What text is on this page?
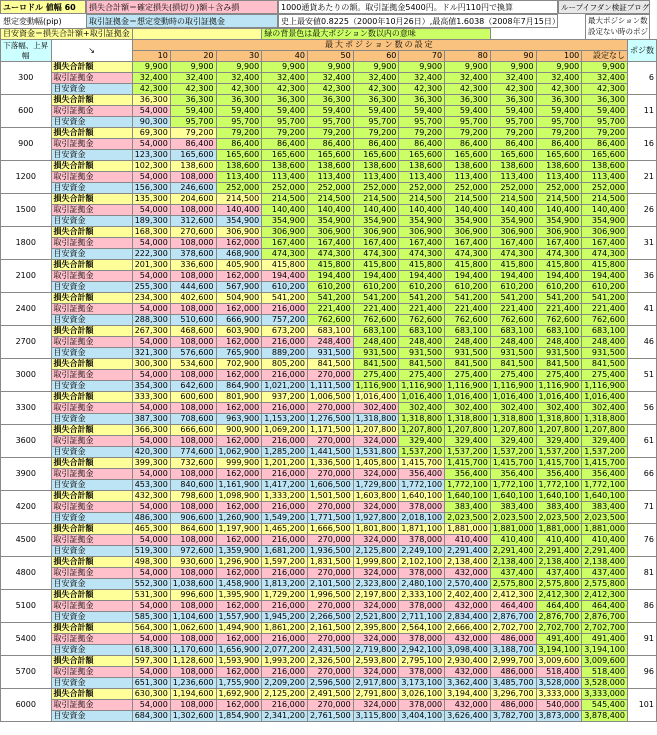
ユーロドル 値幅 60	損失合計額＝確定損失(損切り)額＋含み損	1000通貨あたりの額。取引証拠金5400円。ドル円110円で換算	ループイフダン検証ブログ
想定変動幅(pip)	取引証拠金＝想定変動時の取引証拠金	史上最安値0.8225（2000年10月26日）,最高値1.6038（2008年7月15日）	最大ポジション数設定ない時のポジ
目安資金＝損失合計額+取引証拠金					緑の背景色は最大ポジション数以内の意味								
下落幅、上昇幅	↘	最大ポジション数の設定											ポジ数
		10	20	30	40	50	60	70	80	90	100	設定なし	
300	損失合計額	9,900	9,900	9,900	9,900	9,900	9,900	9,900	9,900	9,900	9,900	9,900	6
	取引証拠金	32,400	32,400	32,400	32,400	32,400	32,400	32,400	32,400	32,400	32,400	32,400	
	目安資金	42,300	42,300	42,300	42,300	42,300	42,300	42,300	42,300	42,300	42,300	42,300	
600	損失合計額	36,300	36,300	36,300	36,300	36,300	36,300	36,300	36,300	36,300	36,300	36,300	11
	取引証拠金	54,000	59,400	59,400	59,400	59,400	59,400	59,400	59,400	59,400	59,400	59,400	
	目安資金	90,300	95,700	95,700	95,700	95,700	95,700	95,700	95,700	95,700	95,700	95,700	
900	損失合計額	69,300	79,200	79,200	79,200	79,200	79,200	79,200	79,200	79,200	79,200	79,200	16
	取引証拠金	54,000	86,400	86,400	86,400	86,400	86,400	86,400	86,400	86,400	86,400	86,400	
	目安資金	123,300	165,600	165,600	165,600	165,600	165,600	165,600	165,600	165,600	165,600	165,600	
1200	損失合計額	102,300	138,600	138,600	138,600	138,600	138,600	138,600	138,600	138,600	138,600	138,600	21
	取引証拠金	54,000	108,000	113,400	113,400	113,400	113,400	113,400	113,400	113,400	113,400	113,400	
	目安資金	156,300	246,600	252,000	252,000	252,000	252,000	252,000	252,000	252,000	252,000	252,000	
1500	損失合計額	135,300	204,600	214,500	214,500	214,500	214,500	214,500	214,500	214,500	214,500	214,500	26
	取引証拠金	54,000	108,000	140,400	140,400	140,400	140,400	140,400	140,400	140,400	140,400	140,400	
	目安資金	189,300	312,600	354,900	354,900	354,900	354,900	354,900	354,900	354,900	354,900	354,900	
1800	損失合計額	168,300	270,600	306,900	306,900	306,900	306,900	306,900	306,900	306,900	306,900	306,900	31
	取引証拠金	54,000	108,000	162,000	167,400	167,400	167,400	167,400	167,400	167,400	167,400	167,400	
	目安資金	222,300	378,600	468,900	474,300	474,300	474,300	474,300	474,300	474,300	474,300	474,300	
2100	損失合計額	201,300	336,600	405,900	415,800	415,800	415,800	415,800	415,800	415,800	415,800	415,800	36
	取引証拠金	54,000	108,000	162,000	194,400	194,400	194,400	194,400	194,400	194,400	194,400	194,400	
	目安資金	255,300	444,600	567,900	610,200	610,200	610,200	610,200	610,200	610,200	610,200	610,200	
2400	損失合計額	234,300	402,600	504,900	541,200	541,200	541,200	541,200	541,200	541,200	541,200	541,200	41
	取引証拠金	54,000	108,000	162,000	216,000	221,400	221,400	221,400	221,400	221,400	221,400	221,400	
	目安資金	288,300	510,600	666,900	757,200	762,600	762,600	762,600	762,600	762,600	762,600	762,600	
2700	損失合計額	267,300	468,600	603,900	673,200	683,100	683,100	683,100	683,100	683,100	683,100	683,100	46
	取引証拠金	54,000	108,000	162,000	216,000	248,400	248,400	248,400	248,400	248,400	248,400	248,400	
	目安資金	321,300	576,600	765,900	889,200	931,500	931,500	931,500	931,500	931,500	931,500	931,500	
3000	損失合計額	300,300	534,600	702,900	805,200	841,500	841,500	841,500	841,500	841,500	841,500	841,500	51
	取引証拠金	54,000	108,000	162,000	216,000	270,000	275,400	275,400	275,400	275,400	275,400	275,400	
	目安資金	354,300	642,600	864,900	1,021,200	1,111,500	1,116,900	1,116,900	1,116,900	1,116,900	1,116,900	1,116,900	
3300	損失合計額	333,300	600,600	801,900	937,200	1,006,500	1,016,400	1,016,400	1,016,400	1,016,400	1,016,400	1,016,400	56
	取引証拠金	54,000	108,000	162,000	216,000	270,000	302,400	302,400	302,400	302,400	302,400	302,400	
	目安資金	387,300	708,600	963,900	1,153,200	1,276,500	1,318,800	1,318,800	1,318,800	1,318,800	1,318,800	1,318,800	
3600	損失合計額	366,300	666,600	900,900	1,069,200	1,171,500	1,207,800	1,207,800	1,207,800	1,207,800	1,207,800	1,207,800	61
	取引証拠金	54,000	108,000	162,000	216,000	270,000	324,000	329,400	329,400	329,400	329,400	329,400	
	目安資金	420,300	774,600	1,062,900	1,285,200	1,441,500	1,531,800	1,537,200	1,537,200	1,537,200	1,537,200	1,537,200	
3900	損失合計額	399,300	732,600	999,900	1,201,200	1,336,500	1,405,800	1,415,700	1,415,700	1,415,700	1,415,700	1,415,700	66
	取引証拠金	54,000	108,000	162,000	216,000	270,000	324,000	356,400	356,400	356,400	356,400	356,400	
	目安資金	453,300	840,600	1,161,900	1,417,200	1,606,500	1,729,800	1,772,100	1,772,100	1,772,100	1,772,100	1,772,100	
4200	損失合計額	432,300	798,600	1,098,900	1,333,200	1,501,500	1,603,800	1,640,100	1,640,100	1,640,100	1,640,100	1,640,100	71
	取引証拠金	54,000	108,000	162,000	216,000	270,000	324,000	378,000	383,400	383,400	383,400	383,400	
	目安資金	486,300	906,600	1,260,900	1,549,200	1,771,500	1,927,800	2,018,100	2,023,500	2,023,500	2,023,500	2,023,500	
4500	損失合計額	465,300	864,600	1,197,900	1,465,200	1,666,500	1,801,800	1,871,100	1,881,000	1,881,000	1,881,000	1,881,000	76
	取引証拠金	54,000	108,000	162,000	216,000	270,000	324,000	378,000	410,400	410,400	410,400	410,400	
	目安資金	519,300	972,600	1,359,900	1,681,200	1,936,500	2,125,800	2,249,100	2,291,400	2,291,400	2,291,400	2,291,400	
4800	損失合計額	498,300	930,600	1,296,900	1,597,200	1,831,500	1,999,800	2,102,100	2,138,400	2,138,400	2,138,400	2,138,400	81
	取引証拠金	54,000	108,000	162,000	216,000	270,000	324,000	378,000	432,000	437,400	437,400	437,400	
	目安資金	552,300	1,038,600	1,458,900	1,813,200	2,101,500	2,323,800	2,480,100	2,570,400	2,575,800	2,575,800	2,575,800	
5100	損失合計額	531,300	996,600	1,395,900	1,729,200	1,996,500	2,197,800	2,333,100	2,402,400	2,412,300	2,412,300	2,412,300	86
	取引証拠金	54,000	108,000	162,000	216,000	270,000	324,000	378,000	432,000	464,400	464,400	464,400	
	目安資金	585,300	1,104,600	1,557,900	1,945,200	2,266,500	2,521,800	2,711,100	2,834,400	2,876,700	2,876,700	2,876,700	
5400	損失合計額	564,300	1,062,600	1,494,900	1,861,200	2,161,500	2,395,800	2,564,100	2,666,400	2,702,700	2,702,700	2,702,700	91
	取引証拠金	54,000	108,000	162,000	216,000	270,000	324,000	378,000	432,000	486,000	491,400	491,400	
	目安資金	618,300	1,170,600	1,656,900	2,077,200	2,431,500	2,719,800	2,942,100	3,098,400	3,188,700	3,194,100	3,194,100	
5700	損失合計額	597,300	1,128,600	1,593,900	1,993,200	2,326,500	2,593,800	2,795,100	2,930,400	2,999,700	3,009,600	3,009,600	96
	取引証拠金	54,000	108,000	162,000	216,000	270,000	324,000	378,000	432,000	486,000	518,400	518,400	
	目安資金	651,300	1,236,600	1,755,900	2,209,200	2,596,500	2,917,800	3,173,100	3,362,400	3,485,700	3,528,000	3,528,000	
6000	損失合計額	630,300	1,194,600	1,692,900	2,125,200	2,491,500	2,791,800	3,026,100	3,194,400	3,296,700	3,333,000	3,333,000	101
	取引証拠金	54,000	108,000	162,000	216,000	270,000	324,000	378,000	432,000	486,000	540,000	545,400	
	目安資金	684,300	1,302,600	1,854,900	2,341,200	2,761,500	3,115,800	3,404,100	3,626,400	3,782,700	3,873,000	3,878,400	
